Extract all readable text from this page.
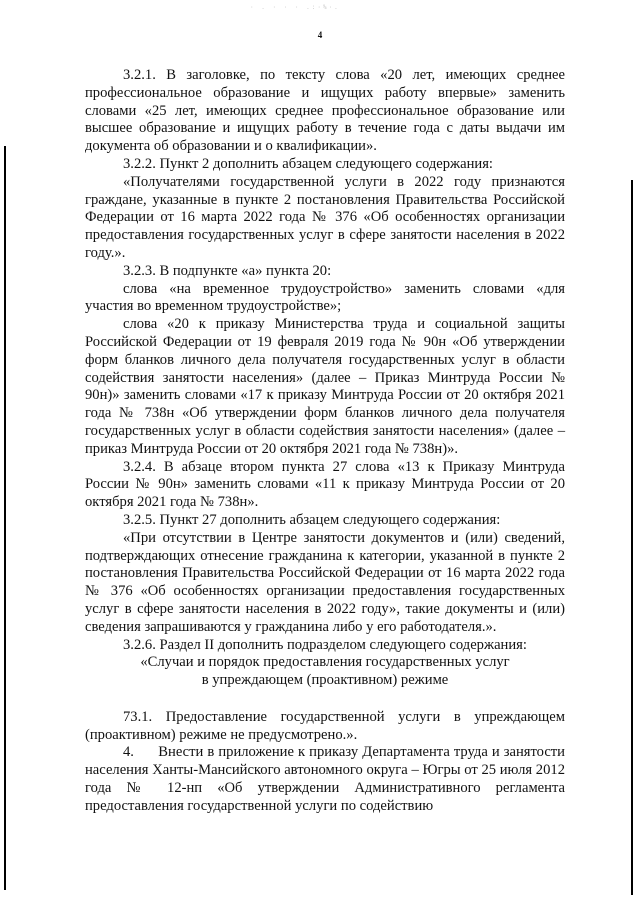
· . · · · .:·%·.
4

3.2.1. В заголовке, по тексту слова «20 лет, имеющих среднее профессиональное образование и ищущих работу впервые» заменить словами «25 лет, имеющих среднее профессиональное образование или высшее образование и ищущих работу в течение года с даты выдачи им документа об образовании и о квалификации».

3.2.2. Пункт 2 дополнить абзацем следующего содержания:

«Получателями государственной услуги в 2022 году признаются граждане, указанные в пункте 2 постановления Правительства Российской Федерации от 16 марта 2022 года № 376 «Об особенностях организации предоставления государственных услуг в сфере занятости населения в 2022 году.».

3.2.3. В подпункте «а» пункта 20:

слова «на временное трудоустройство» заменить словами «для участия во временном трудоустройстве»;

слова «20 к приказу Министерства труда и социальной защиты Российской Федерации от 19 февраля 2019 года № 90н «Об утверждении форм бланков личного дела получателя государственных услуг в области содействия занятости населения» (далее – Приказ Минтруда России № 90н)» заменить словами «17 к приказу Минтруда России от 20 октября 2021 года № 738н «Об утверждении форм бланков личного дела получателя государственных услуг в области содействия занятости населения» (далее – приказ Минтруда России от 20 октября 2021 года № 738н)».

3.2.4. В абзаце втором пункта 27 слова «13 к Приказу Минтруда России № 90н» заменить словами «11 к приказу Минтруда России от 20 октября 2021 года № 738н».

3.2.5. Пункт 27 дополнить абзацем следующего содержания:

«При отсутствии в Центре занятости документов и (или) сведений, подтверждающих отнесение гражданина к категории, указанной в пункте 2 постановления Правительства Российской Федерации от 16 марта 2022 года № 376 «Об особенностях организации предоставления государственных услуг в сфере занятости населения в 2022 году», такие документы и (или) сведения запрашиваются у гражданина либо у его работодателя.».

3.2.6. Раздел II дополнить подразделом следующего содержания:

«Случаи и порядок предоставления государственных услуг

в упреждающем (проактивном) режиме

73.1. Предоставление государственной услуги в упреждающем (проактивном) режиме не предусмотрено.».

4.      Внести в приложение к приказу Департамента труда и занятости населения Ханты-Мансийского автономного округа – Югры от 25 июля 2012 года № 12-нп «Об утверждении Административного регламента предоставления государственной услуги по содействию
